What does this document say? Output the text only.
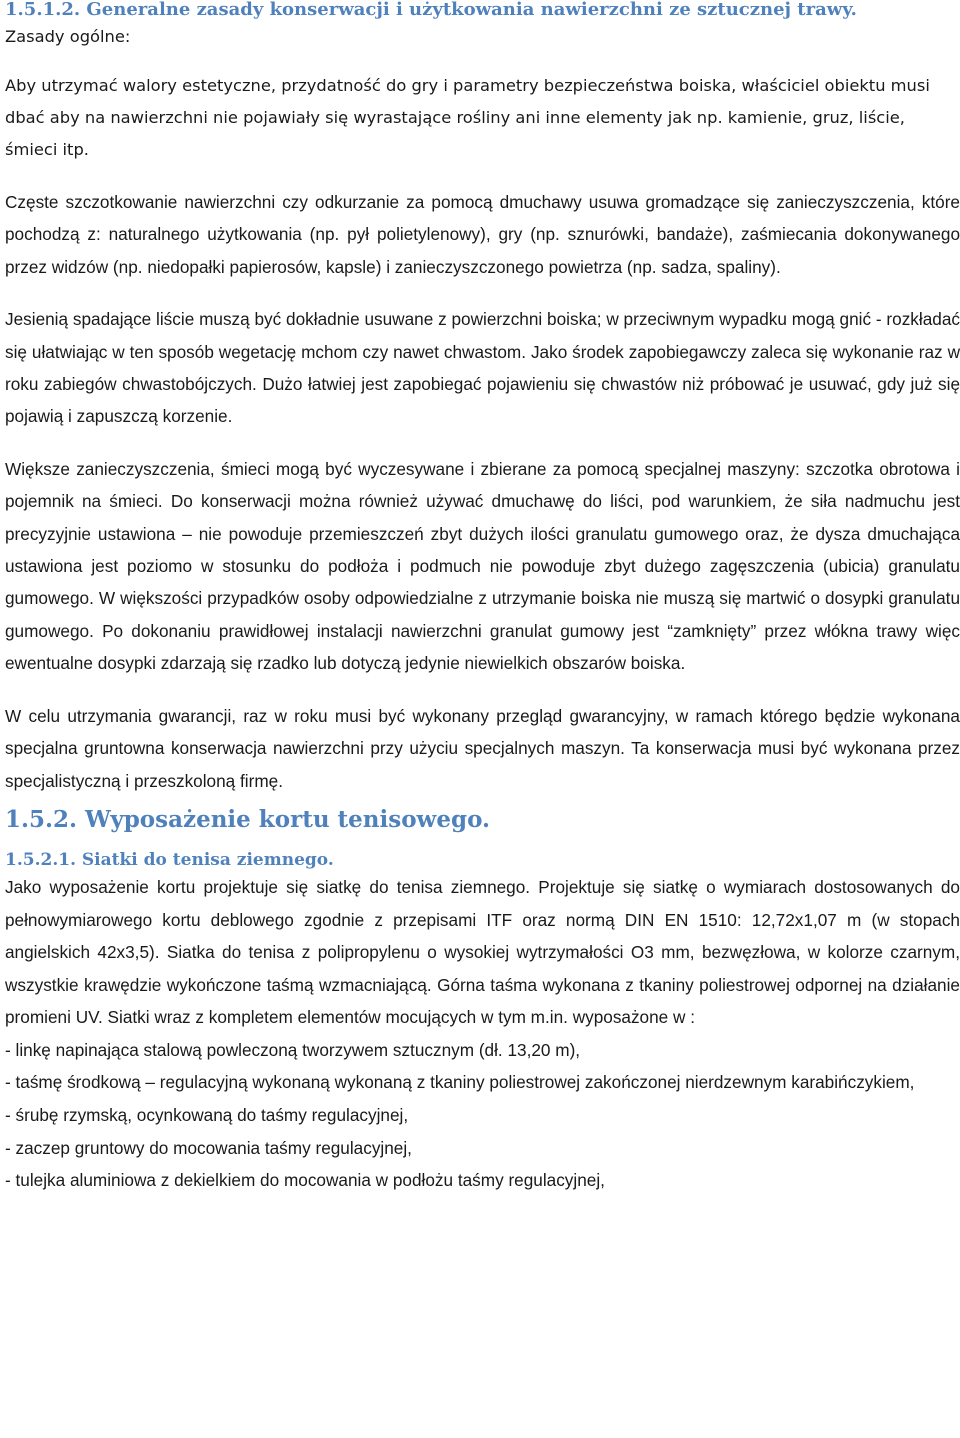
1.5.1.2. Generalne zasady konserwacji i użytkowania nawierzchni ze sztucznej trawy.

Zasady ogólne:

Aby utrzymać walory estetyczne, przydatność do gry i parametry bezpieczeństwa boiska, właściciel obiektu musi dbać aby na nawierzchni nie pojawiały się wyrastające rośliny ani inne elementy jak np. kamienie, gruz, liście, śmieci itp.

Częste szczotkowanie nawierzchni czy odkurzanie za pomocą dmuchawy usuwa gromadzące się zanieczyszczenia, które pochodzą z: naturalnego użytkowania (np. pył polietylenowy), gry (np. sznurówki, bandaże), zaśmiecania dokonywanego przez widzów (np. niedopałki papierosów, kapsle) i zanieczyszczonego powietrza (np. sadza, spaliny).

Jesienią spadające liście muszą być dokładnie usuwane z powierzchni boiska; w przeciwnym wypadku mogą gnić - rozkładać się ułatwiając w ten sposób wegetację mchom czy nawet chwastom. Jako środek zapobiegawczy zaleca się wykonanie raz w roku zabiegów chwastobójczych. Dużo łatwiej jest zapobiegać pojawieniu się chwastów niż próbować je usuwać, gdy już się pojawią i zapuszczą korzenie.

Większe zanieczyszczenia, śmieci mogą być wyczesywane i zbierane za pomocą specjalnej maszyny: szczotka obrotowa i pojemnik na śmieci. Do konserwacji można również używać dmuchawę do liści, pod warunkiem, że siła nadmuchu jest precyzyjnie ustawiona – nie powoduje przemieszczeń zbyt dużych ilości granulatu gumowego oraz, że dysza dmuchająca ustawiona jest poziomo w stosunku do podłoża i podmuch nie powoduje zbyt dużego zagęszczenia (ubicia) granulatu gumowego. W większości przypadków osoby odpowiedzialne z utrzymanie boiska nie muszą się martwić o dosypki granulatu gumowego. Po dokonaniu prawidłowej instalacji nawierzchni granulat gumowy jest “zamknięty” przez włókna trawy więc ewentualne dosypki zdarzają się rzadko lub dotyczą jedynie niewielkich obszarów boiska.

W celu utrzymania gwarancji, raz w roku musi być wykonany przegląd gwarancyjny, w ramach którego będzie wykonana specjalna gruntowna konserwacja nawierzchni przy użyciu specjalnych maszyn. Ta konserwacja musi być wykonana przez specjalistyczną i przeszkoloną firmę.

1.5.2. Wyposażenie kortu tenisowego.
1.5.2.1. Siatki do tenisa ziemnego.

Jako wyposażenie kortu projektuje się siatkę do tenisa ziemnego. Projektuje się siatkę o wymiarach dostosowanych do pełnowymiarowego kortu deblowego zgodnie z przepisami ITF oraz normą DIN EN 1510: 12,72x1,07 m (w stopach angielskich 42x3,5). Siatka do tenisa z polipropylenu o wysokiej wytrzymałości O3 mm, bezwęzłowa, w kolorze czarnym, wszystkie krawędzie wykończone taśmą wzmacniającą. Górna taśma wykonana z tkaniny poliestrowej odpornej na działanie promieni UV. Siatki wraz z kompletem elementów mocujących w tym m.in. wyposażone w :

- linkę napinająca stalową powleczoną tworzywem sztucznym (dł. 13,20 m),
- taśmę środkową – regulacyjną wykonaną wykonaną z tkaniny poliestrowej zakończonej nierdzewnym karabińczykiem,
- śrubę rzymską, ocynkowaną do taśmy regulacyjnej,
- zaczep gruntowy do mocowania taśmy regulacyjnej,
- tulejka aluminiowa z dekielkiem do mocowania w podłożu taśmy regulacyjnej,
